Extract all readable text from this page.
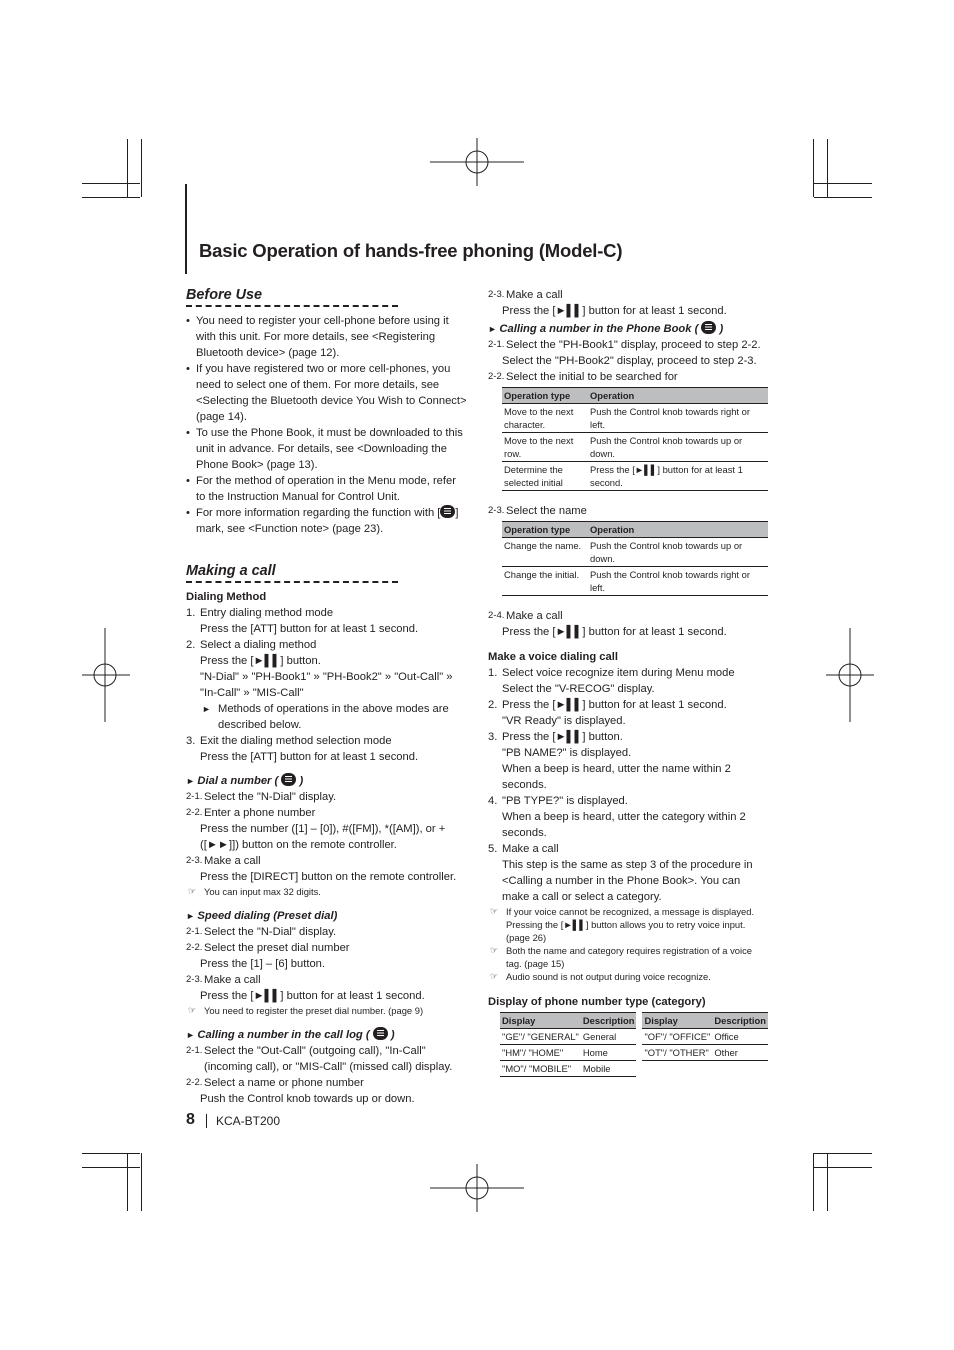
Basic Operation of hands-free phoning (Model-C)
Before Use
• You need to register your cell-phone before using it with this unit. For more details, see <Registering Bluetooth device> (page 12).
• If you have registered two or more cell-phones, you need to select one of them. For more details, see <Selecting the Bluetooth device You Wish to Connect> (page 14).
• To use the Phone Book, it must be downloaded to this unit in advance. For details, see <Downloading the Phone Book> (page 13).
• For the method of operation in the Menu mode, refer to the Instruction Manual for Control Unit.
• For more information regarding the function with [ ] mark, see <Function note> (page 23).
Making a call
Dialing Method
1. Entry dialing method mode
Press the [ATT] button for at least 1 second.
2. Select a dialing method
Press the [►▌▌] button.
"N-Dial" » "PH-Book1" » "PH-Book2" » "Out-Call" » "In-Call" » "MIS-Call"
► Methods of operations in the above modes are described below.
3. Exit the dialing method selection mode
Press the [ATT] button for at least 1 second.
► Dial a number (  )
2-1. Select the "N-Dial" display.
2-2. Enter a phone number
Press the number ([1] – [0]), #([FM]), *([AM]), or +([►►]]) button on the remote controller.
2-3. Make a call
Press the [DIRECT] button on the remote controller.
☞ You can input max 32 digits.
► Speed dialing (Preset dial)
2-1. Select the "N-Dial" display.
2-2. Select the preset dial number
Press the [1] – [6] button.
2-3. Make a call
Press the [►▌▌] button for at least 1 second.
☞ You need to register the preset dial number. (page 9)
► Calling a number in the call log (  )
2-1. Select the "Out-Call" (outgoing call), "In-Call" (incoming call), or "MIS-Call" (missed call) display.
2-2. Select a name or phone number
Push the Control knob towards up or down.
2-3. Make a call
Press the [►▌▌] button for at least 1 second.
► Calling a number in the Phone Book (  )
2-1. Select the "PH-Book1" display, proceed to step 2-2.
Select the "PH-Book2" display, proceed to step 2-3.
2-2. Select the initial to be searched for
Operation type	Operation
Move to the next character.	Push the Control knob towards right or left.
Move to the next row.	Push the Control knob towards up or down.
Determine the selected initial	Press the [►▌▌] button for at least 1 second.
2-3. Select the name
Operation type	Operation
Change the name.	Push the Control knob towards up or down.
Change the initial.	Push the Control knob towards right or left.
2-4. Make a call
Press the [►▌▌] button for at least 1 second.
Make a voice dialing call
1. Select voice recognize item during Menu mode
Select the "V-RECOG" display.
2. Press the [►▌▌] button for at least 1 second.
"VR Ready" is displayed.
3. Press the [►▌▌] button.
"PB NAME?" is displayed.
When a beep is heard, utter the name within 2 seconds.
4. "PB TYPE?" is displayed.
When a beep is heard, utter the category within 2 seconds.
5. Make a call
This step is the same as step 3 of the procedure in <Calling a number in the Phone Book>. You can make a call or select a category.
☞ If your voice cannot be recognized, a message is displayed. Pressing the [►▌▌] button allows you to retry voice input. (page 26)
☞ Both the name and category requires registration of a voice tag. (page 15)
☞ Audio sound is not output during voice recognize.
Display of phone number type (category)
Display	Description	Display	Description
"GE"/ "GENERAL"	General	"OF"/ "OFFICE"	Office
"HM"/ "HOME"	Home	"OT"/ "OTHER"	Other
"MO"/ "MOBILE"	Mobile		
8 KCA-BT200
